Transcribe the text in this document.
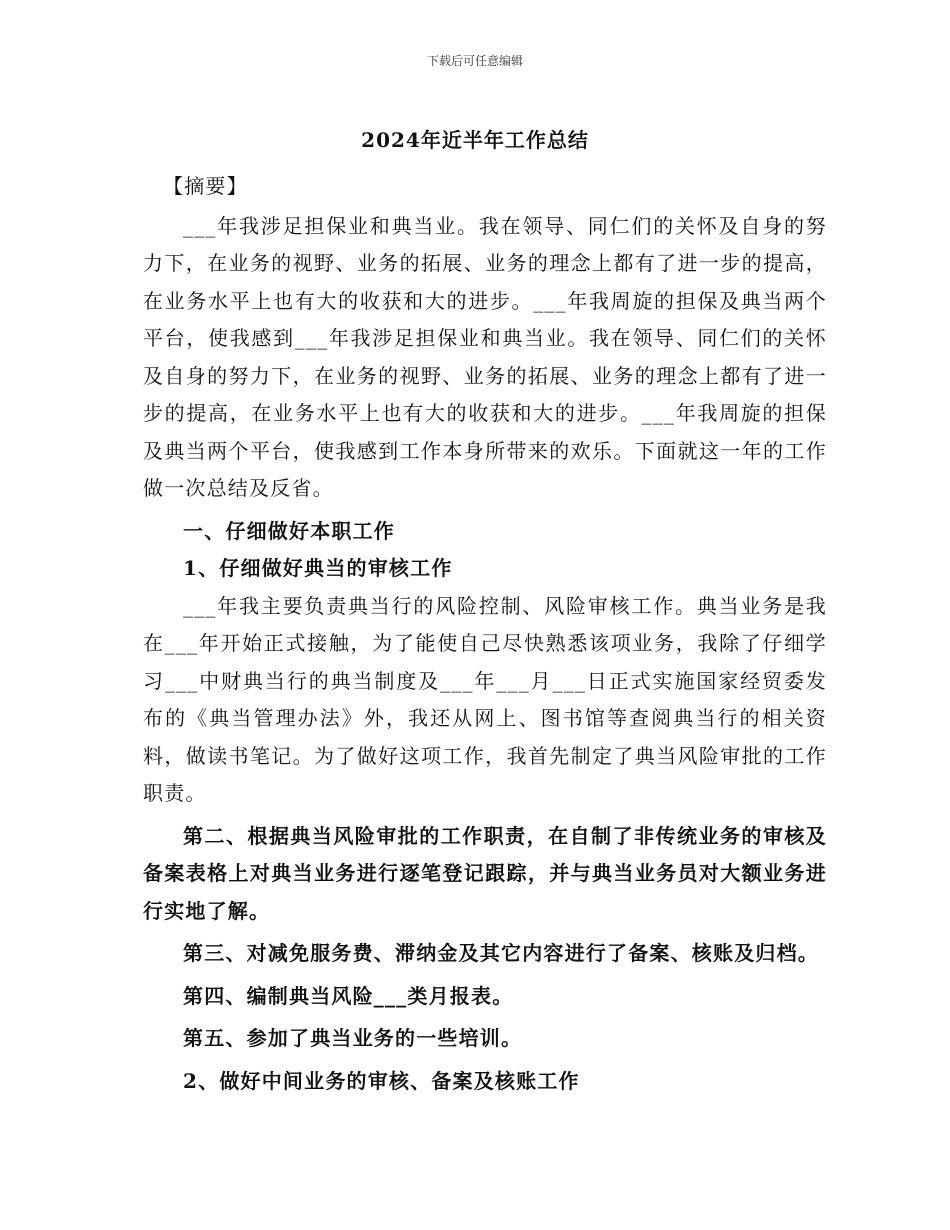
下载后可任意编辑
2024年近半年工作总结

【摘要】

___年我涉足担保业和典当业。我在领导、同仁们的关怀及自身的努力下，在业务的视野、业务的拓展、业务的理念上都有了进一步的提高，在业务水平上也有大的收获和大的进步。___年我周旋的担保及典当两个平台，使我感到___年我涉足担保业和典当业。我在领导、同仁们的关怀及自身的努力下，在业务的视野、业务的拓展、业务的理念上都有了进一步的提高，在业务水平上也有大的收获和大的进步。___年我周旋的担保及典当两个平台，使我感到工作本身所带来的欢乐。下面就这一年的工作做一次总结及反省。

一、仔细做好本职工作

1、仔细做好典当的审核工作

___年我主要负责典当行的风险控制、风险审核工作。典当业务是我在___年开始正式接触，为了能使自己尽快熟悉该项业务，我除了仔细学习___中财典当行的典当制度及___年___月___日正式实施国家经贸委发布的《典当管理办法》外，我还从网上、图书馆等查阅典当行的相关资料，做读书笔记。为了做好这项工作，我首先制定了典当风险审批的工作职责。

第二、根据典当风险审批的工作职责，在自制了非传统业务的审核及备案表格上对典当业务进行逐笔登记跟踪，并与典当业务员对大额业务进行实地了解。

第三、对减免服务费、滞纳金及其它内容进行了备案、核账及归档。

第四、编制典当风险___类月报表。

第五、参加了典当业务的一些培训。

2、做好中间业务的审核、备案及核账工作
